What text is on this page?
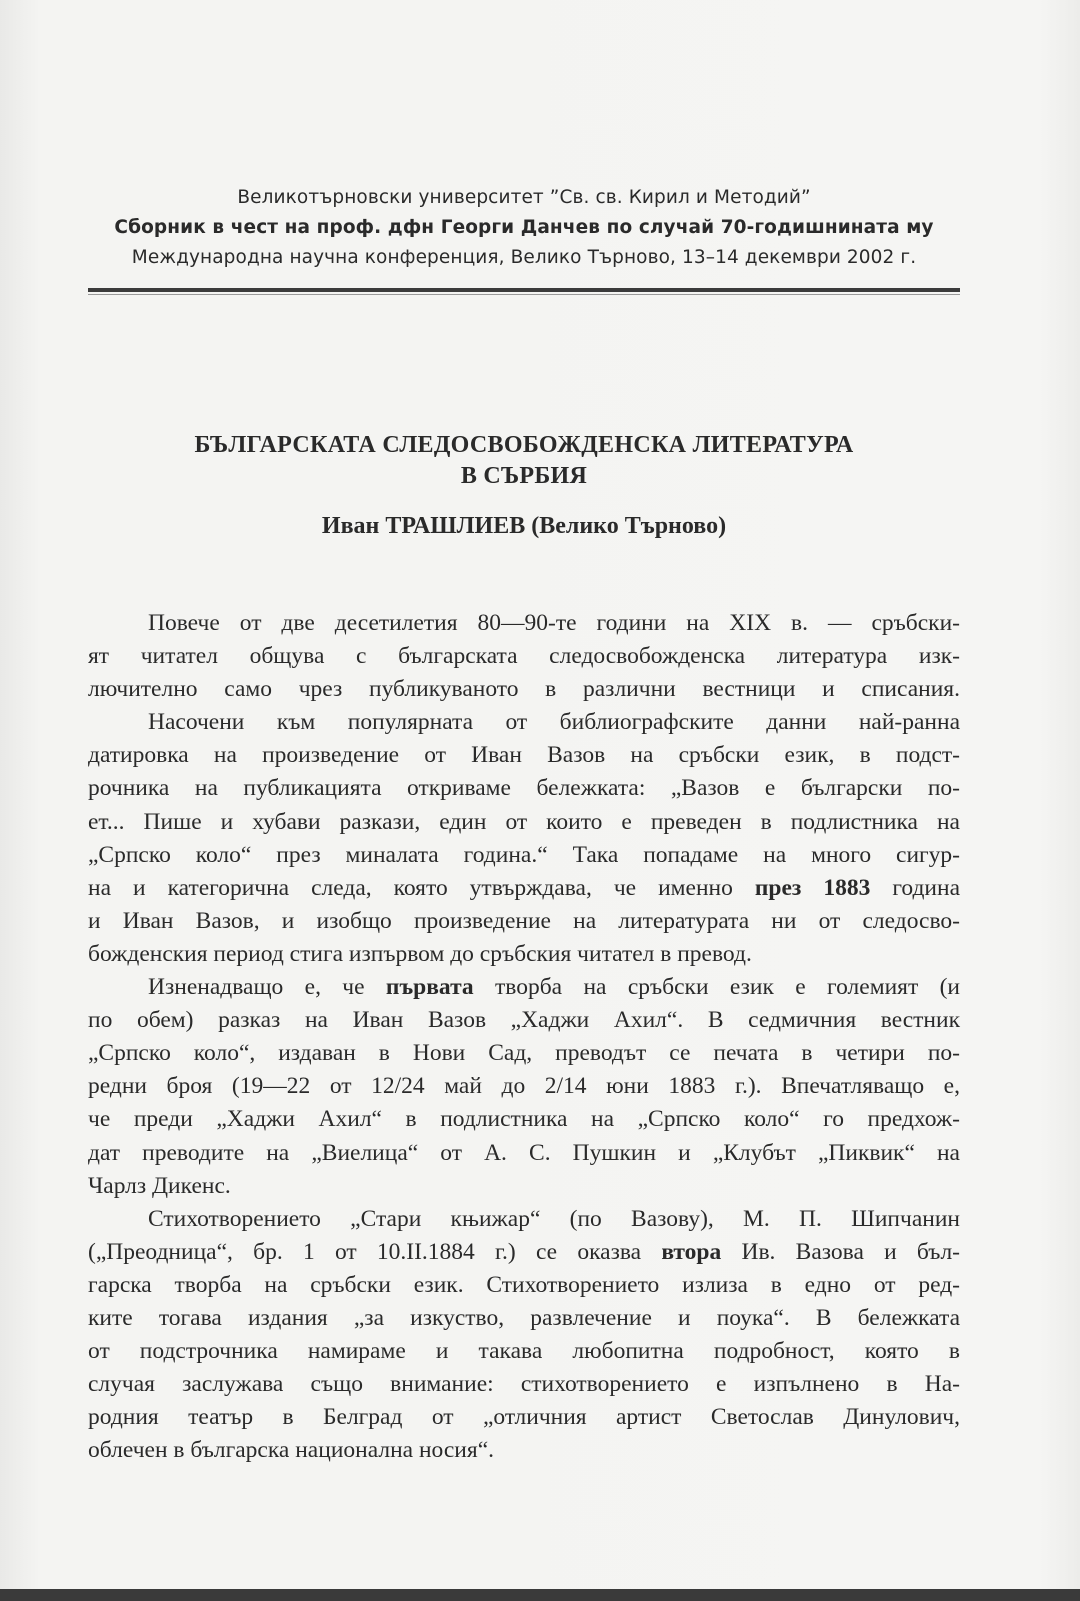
Великотърновски университет ”Св. св. Кирил и Методий”
Сборник в чест на проф. дфн Георги Данчев по случай 70-годишнината му
Международна научна конференция, Велико Търново, 13–14 декември 2002 г.
БЪЛГАРСКАТА СЛЕДОСВОБОЖДЕНСКА ЛИТЕРАТУРА
В СЪРБИЯ
Иван ТРАШЛИЕВ (Велико Търново)
Повече от две десетилетия 80—90-те години на XIX в. — сръбски-
ят читател общува с българската следосвобожденска литература изк-
лючително само чрез публикуваното в различни вестници и списания.
Насочени към популярната от библиографските данни най-ранна
датировка на произведение от Иван Вазов на сръбски език, в подст-
рочника на публикацията откриваме бележката: „Вазов е български по-
ет... Пише и хубави разкази, един от които е преведен в подлистника на
„Српско коло“ през миналата година.“ Така попадаме на много сигур-
на и категорична следа, която утвърждава, че именно през 1883 година
и Иван Вазов, и изобщо произведение на литературата ни от следосво-
божденския период стига изпървом до сръбския читател в превод.
Изненадващо е, че първата творба на сръбски език е големият (и
по обем) разказ на Иван Вазов „Хаджи Ахил“. В седмичния вестник
„Српско коло“, издаван в Нови Сад, преводът се печата в четири по-
редни броя (19—22 от 12/24 май до 2/14 юни 1883 г.). Впечатляващо е,
че преди „Хаджи Ахил“ в подлистника на „Српско коло“ го предхож-
дат преводите на „Виелица“ от А. С. Пушкин и „Клубът „Пиквик“ на
Чарлз Дикенс.
Стихотворението „Стари књижар“ (по Вазову), М. П. Шипчанин
(„Преодница“, бр. 1 от 10.II.1884 г.) се оказва втора Ив. Вазова и бъл-
гарска творба на сръбски език. Стихотворението излиза в едно от ред-
ките тогава издания „за изкуство, развлечение и поука“. В бележката
от подстрочника намираме и такава любопитна подробност, която в
случая заслужава също внимание: стихотворението е изпълнено в На-
родния театър в Белград от „отличния артист Светослав Динулович,
облечен в българска национална носия“.
